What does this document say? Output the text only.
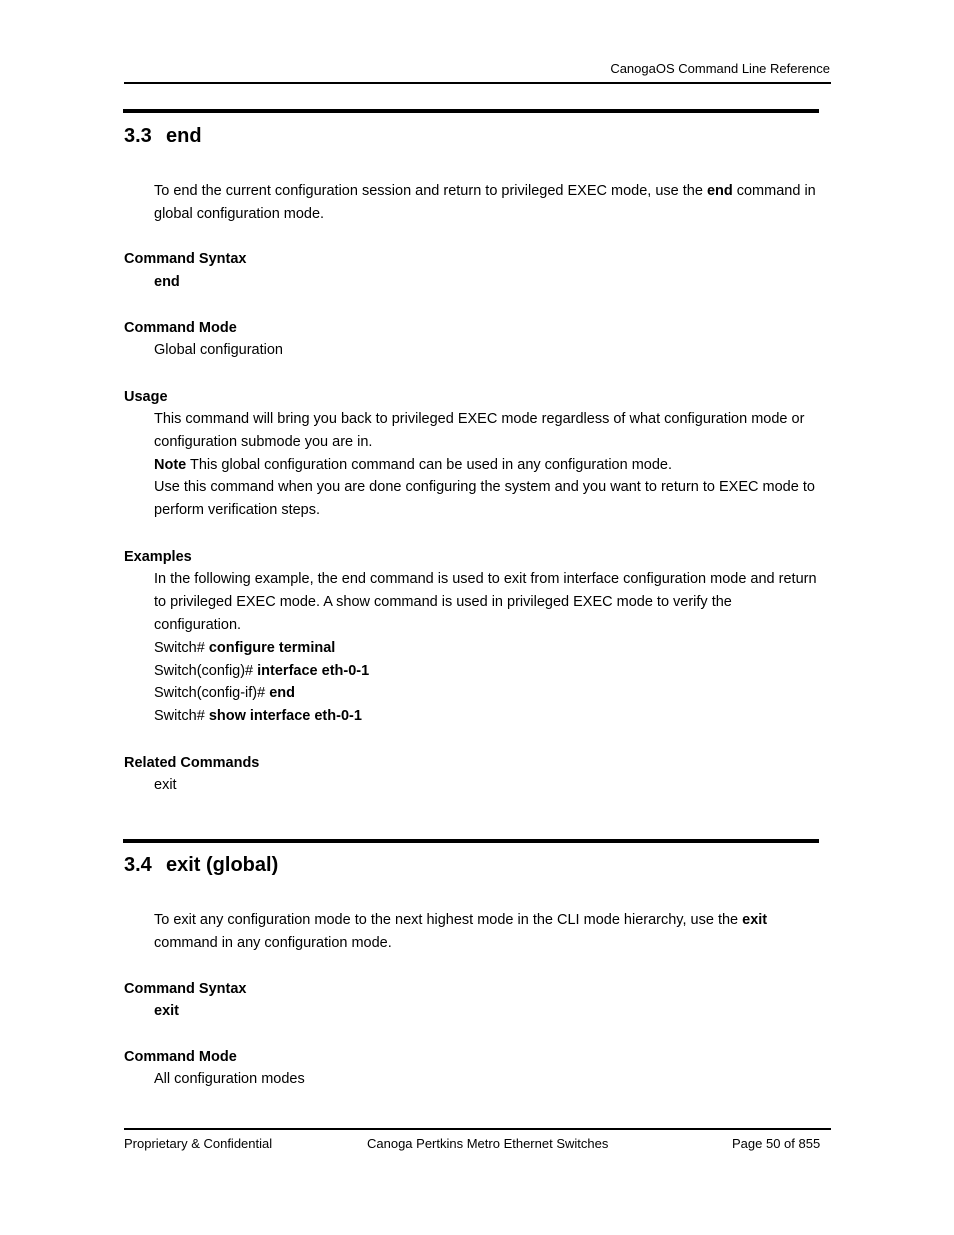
CanogaOS Command Line Reference
3.3 end
To end the current configuration session and return to privileged EXEC mode, use the end command in global configuration mode.
Command Syntax
end
Command Mode
Global configuration
Usage
This command will bring you back to privileged EXEC mode regardless of what configuration mode or configuration submode you are in.
Note This global configuration command can be used in any configuration mode.
Use this command when you are done configuring the system and you want to return to EXEC mode to perform verification steps.
Examples
In the following example, the end command is used to exit from interface configuration mode and return to privileged EXEC mode. A show command is used in privileged EXEC mode to verify the configuration.
Switch# configure terminal
Switch(config)# interface eth-0-1
Switch(config-if)# end
Switch# show interface eth-0-1
Related Commands
exit
3.4 exit (global)
To exit any configuration mode to the next highest mode in the CLI mode hierarchy, use the exit command in any configuration mode.
Command Syntax
exit
Command Mode
All configuration modes
Proprietary & Confidential	Canoga Pertkins Metro Ethernet Switches	Page 50 of 855
